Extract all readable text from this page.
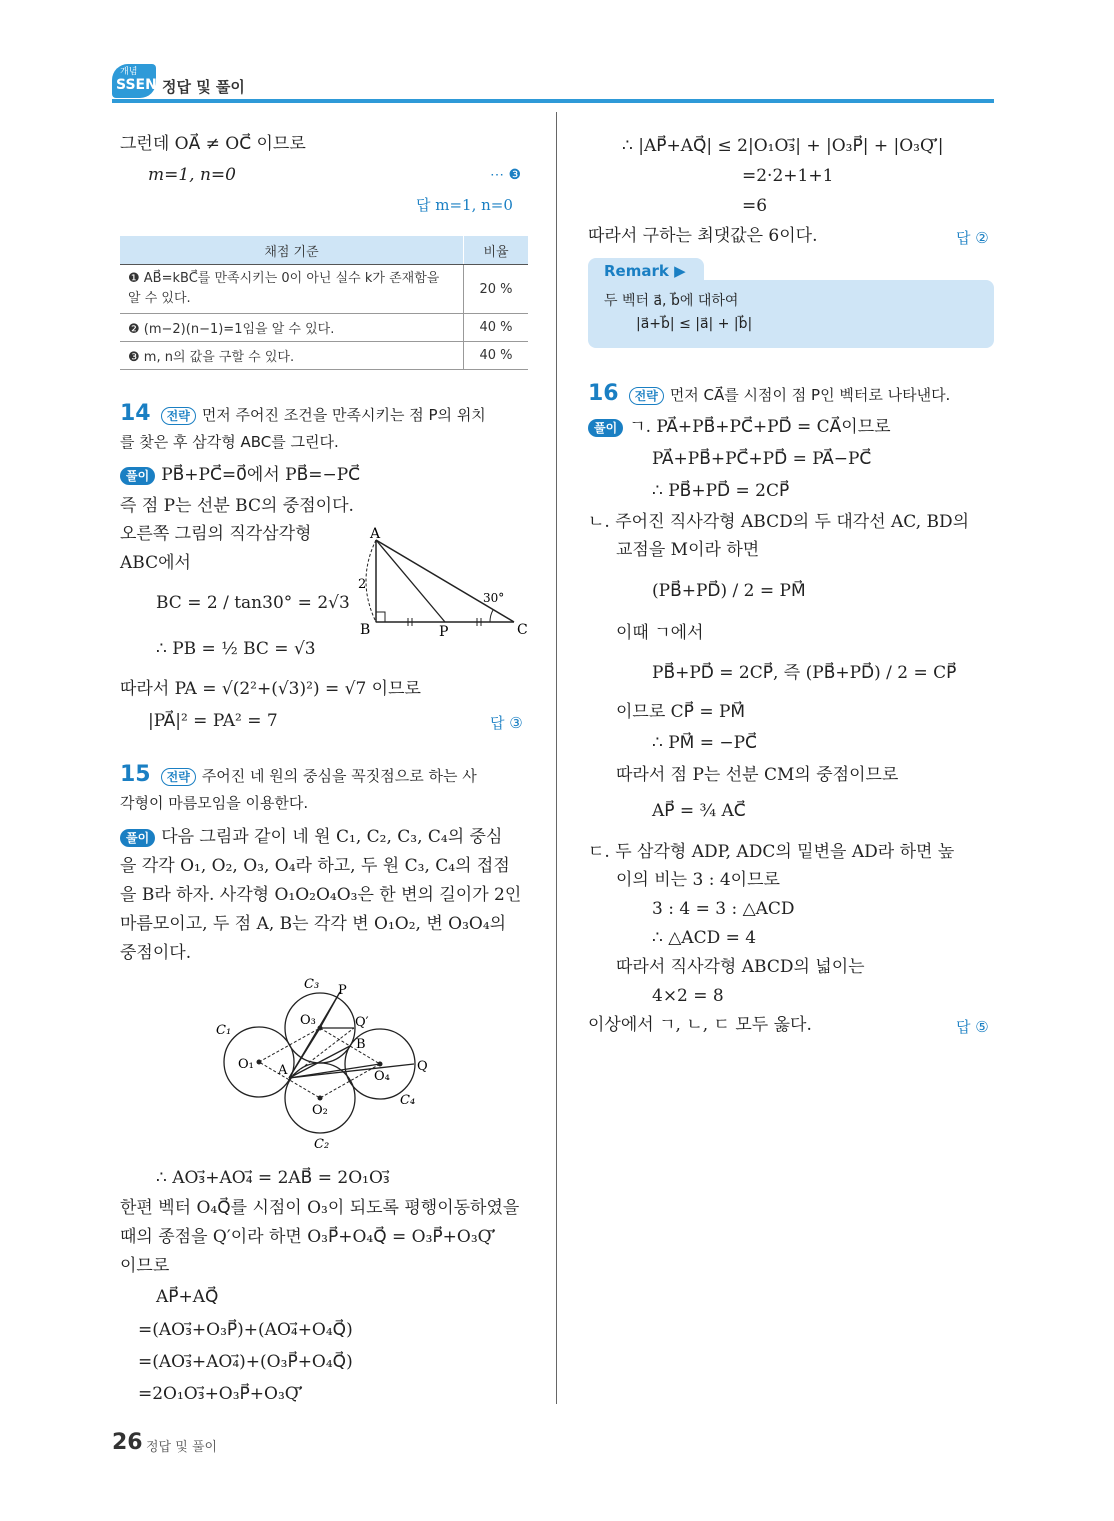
개념
SSEN 정답 및 풀이
그런데 OA⃗ ≠ OC⃗ 이므로
m=1, n=0	⋯ ❸
답 m=1, n=0
채점 기준	비율
❶ AB⃗=kBC⃗를 만족시키는 0이 아닌 실수 k가 존재함을 알 수 있다.	20 %
❷ (m−2)(n−1)=1임을 알 수 있다.	40 %
❸ m, n의 값을 구할 수 있다.	40 %
14 전략 먼저 주어진 조건을 만족시키는 점 P의 위치
를 찾은 후 삼각형 ABC를 그린다.
풀이 PB⃗+PC⃗=0⃗에서 PB⃗=−PC⃗
즉 점 P는 선분 BC의 중점이다.
오른쪽 그림의 직각삼각형
ABC에서
BC = 2 / tan30° = 2√3
∴ PB = ½ BC = √3
따라서 PA = √(2²+(√3)²) = √7 이므로
|PA⃗|² = PA² = 7	답 ③
A
B	C
P
2
30°
15 전략 주어진 네 원의 중심을 꼭짓점으로 하는 사
각형이 마름모임을 이용한다.
풀이 다음 그림과 같이 네 원 C₁, C₂, C₃, C₄의 중심
을 각각 O₁, O₂, O₃, O₄라 하고, 두 원 C₃, C₄의 접점
을 B라 하자. 사각형 O₁O₂O₄O₃은 한 변의 길이가 2인
마름모이고, 두 점 A, B는 각각 변 O₁O₂, 변 O₃O₄의
중점이다.
C₁
C₂
C₃
C₄
O₁
O₂
O₃
O₄
A
B
P
Q
Q′
∴ AO₃⃗+AO₄⃗ = 2AB⃗ = 2O₁O₃⃗
한편 벡터 O₄Q⃗를 시점이 O₃이 되도록 평행이동하였을
때의 종점을 Q′이라 하면 O₃P⃗+O₄Q⃗ = O₃P⃗+O₃Q′⃗
이므로
AP⃗+AQ⃗
=(AO₃⃗+O₃P⃗)+(AO₄⃗+O₄Q⃗)
=(AO₃⃗+AO₄⃗)+(O₃P⃗+O₄Q⃗)
=2O₁O₃⃗+O₃P⃗+O₃Q′⃗
∴ |AP⃗+AQ⃗| ≤ 2|O₁O₃⃗| + |O₃P⃗| + |O₃Q′⃗|
=2·2+1+1
=6
따라서 구하는 최댓값은 6이다.	답 ②
Remark ▶
두 벡터 a⃗, b⃗에 대하여
|a⃗+b⃗| ≤ |a⃗| + |b⃗|
16 전략 먼저 CA⃗를 시점이 점 P인 벡터로 나타낸다.
풀이 ㄱ. PA⃗+PB⃗+PC⃗+PD⃗ = CA⃗이므로
PA⃗+PB⃗+PC⃗+PD⃗ = PA⃗−PC⃗
∴ PB⃗+PD⃗ = 2CP⃗
ㄴ. 주어진 직사각형 ABCD의 두 대각선 AC, BD의
교점을 M이라 하면
(PB⃗+PD⃗) / 2 = PM⃗
이때 ㄱ에서
PB⃗+PD⃗ = 2CP⃗, 즉 (PB⃗+PD⃗) / 2 = CP⃗
이므로 CP⃗ = PM⃗
∴ PM⃗ = −PC⃗
따라서 점 P는 선분 CM의 중점이므로
AP⃗ = ¾ AC⃗
ㄷ. 두 삼각형 ADP, ADC의 밑변을 AD라 하면 높
이의 비는 3 : 4이므로
3 : 4 = 3 : △ACD
∴ △ACD = 4
따라서 직사각형 ABCD의 넓이는
4×2 = 8
이상에서 ㄱ, ㄴ, ㄷ 모두 옳다.	답 ⑤
26 정답 및 풀이
